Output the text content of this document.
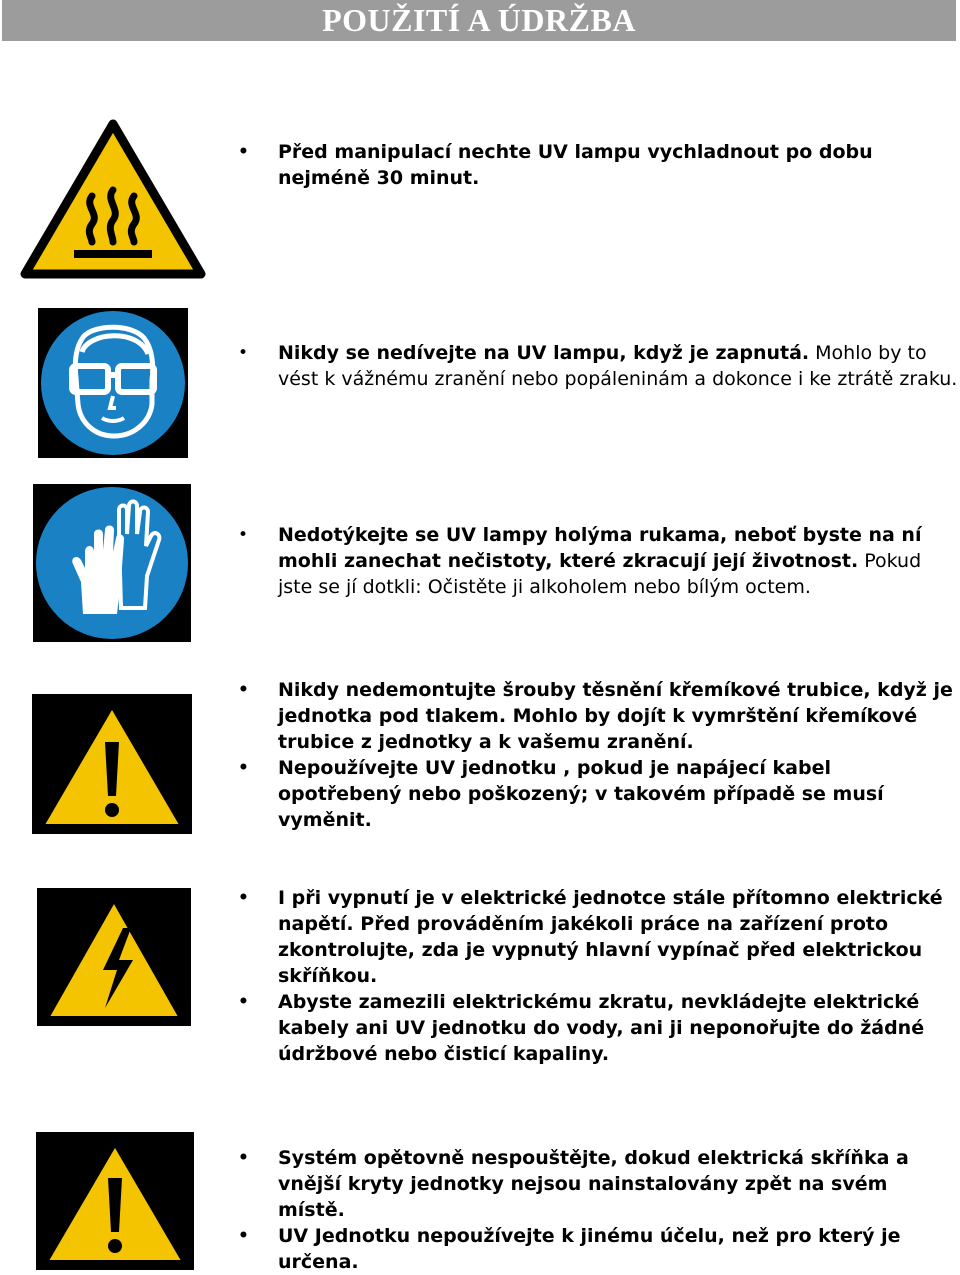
POUŽITÍ A ÚDRŽBA
• Před manipulací nechte UV lampu vychladnout po dobu nejméně 30 minut.
• Nikdy se nedívejte na UV lampu, když je zapnutá. Mohlo by to vést k vážnému zranění nebo popáleninám a dokonce i ke ztrátě zraku.
• Nedotýkejte se UV lampy holýma rukama, neboť byste na ní mohli zanechat nečistoty, které zkracují její životnost. Pokud jste se jí dotkli: Očistěte ji alkoholem nebo bílým octem.
• Nikdy nedemontujte šrouby těsnění křemíkové trubice, když je jednotka pod tlakem. Mohlo by dojít k vymrštění křemíkové trubice z jednotky a k vašemu zranění.
• Nepoužívejte UV jednotku , pokud je napájecí kabel opotřebený nebo poškozený; v takovém případě se musí vyměnit.
• I při vypnutí je v elektrické jednotce stále přítomno elektrické napětí. Před prováděním jakékoli práce na zařízení proto zkontrolujte, zda je vypnutý hlavní vypínač před elektrickou skříňkou.
• Abyste zamezili elektrickému zkratu, nevkládejte elektrické kabely ani UV jednotku do vody, ani ji neponořujte do žádné údržbové nebo čisticí kapaliny.
• Systém opětovně nespouštějte, dokud elektrická skříňka a vnější kryty jednotky nejsou nainstalovány zpět na svém místě.
• UV Jednotku nepoužívejte k jinému účelu, než pro který je určena.
